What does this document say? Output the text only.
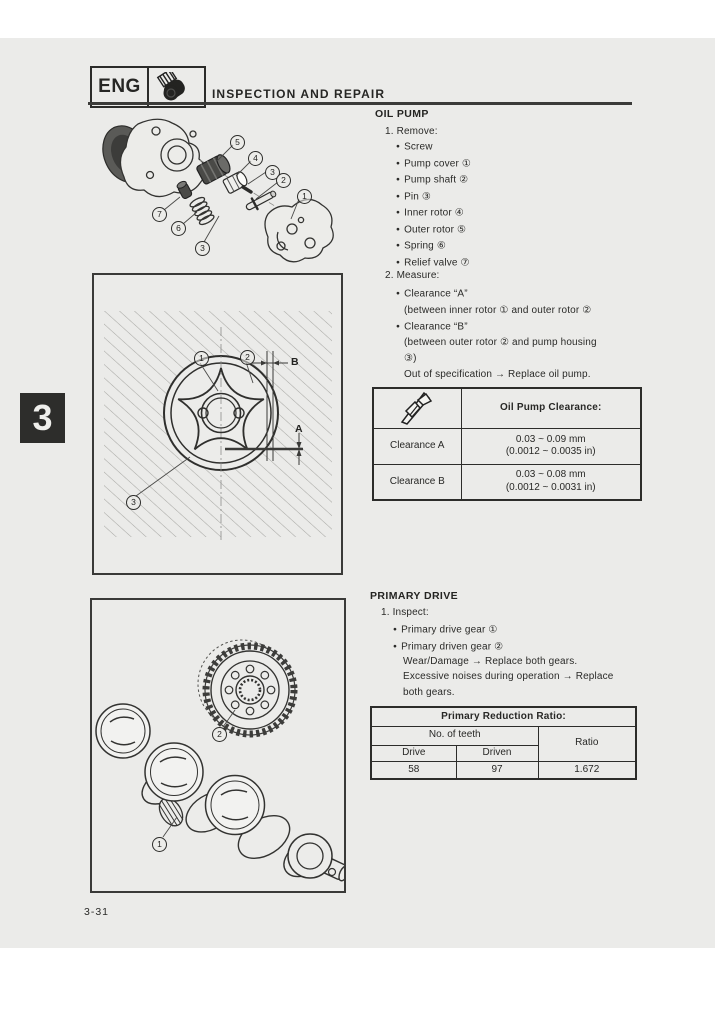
ENG	INSPECTION AND REPAIR
5
4
3
2
1
7
6
3
OIL PUMP
1. Remove:
● Screw
● Pump cover ①
● Pump shaft ②
● Pin ③
● Inner rotor ④
● Outer rotor ⑤
● Spring ⑥
● Relief valve ⑦
2. Measure:
● Clearance “A”
(between inner rotor ① and outer rotor ②
● Clearance “B”
(between outer rotor ② and pump housing
③)
Out of specification → Replace oil pump.
	Oil Pump Clearance:
Clearance A	0.03 ~ 0.09 mm
(0.0012 ~ 0.0035 in)

Clearance B	0.03 ~ 0.08 mm
(0.0012 ~ 0.0031 in)
1	2
3
B
A
PRIMARY DRIVE
1. Inspect:
● Primary drive gear ①
● Primary driven gear ②
Wear/Damage → Replace both gears.
Excessive noises during operation → Replace
both gears.
Primary Reduction Ratio:		
No. of teeth		Ratio
Drive	Driven	
58	97	1.672
2
1
3
3-31
